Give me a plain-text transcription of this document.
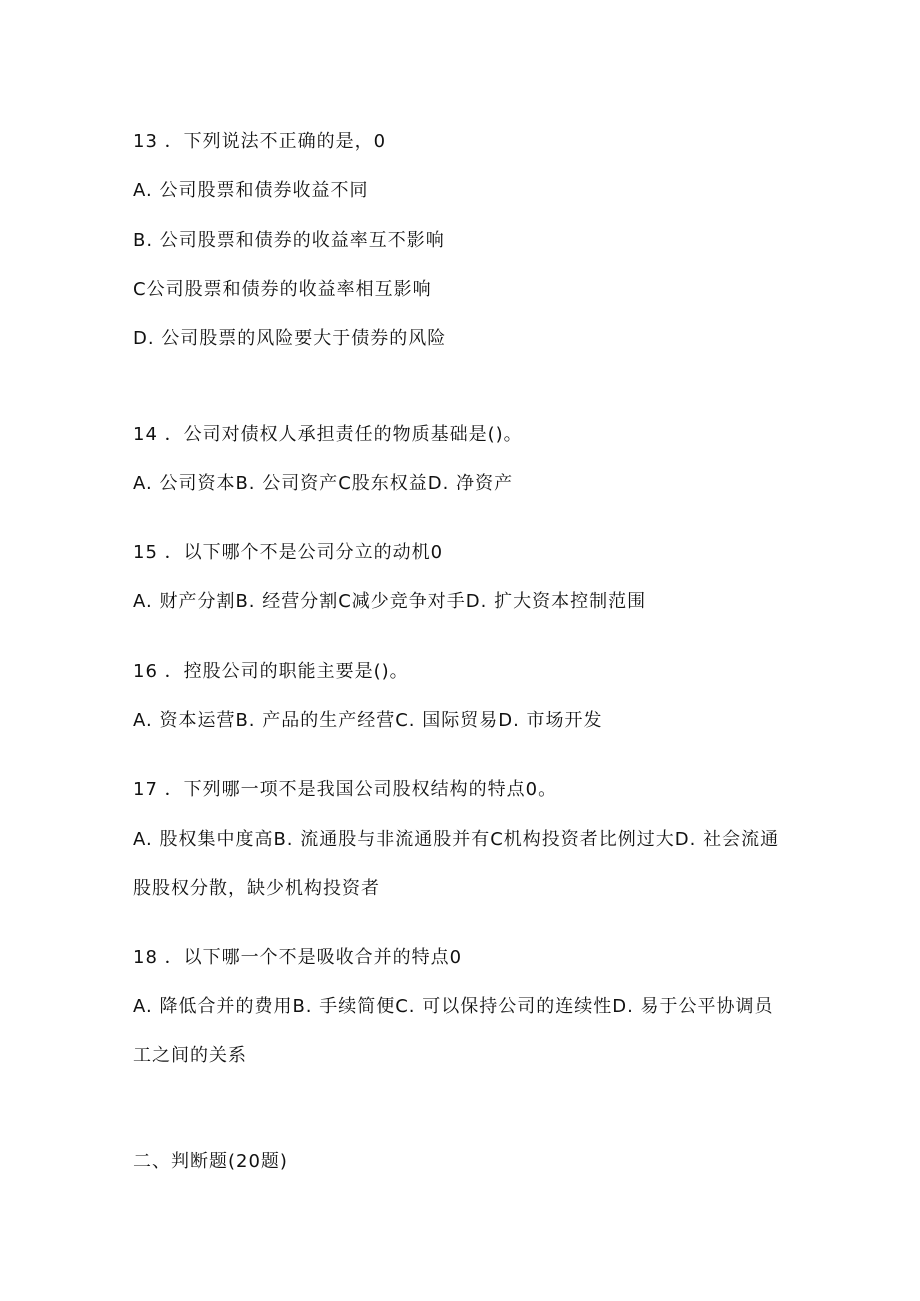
13 ．下列说法不正确的是，0
A. 公司股票和债券收益不同
B. 公司股票和债券的收益率互不影响
C公司股票和债券的收益率相互影响
D. 公司股票的风险要大于债券的风险
14 ．公司对债权人承担责任的物质基础是()。
A. 公司资本B. 公司资产C股东权益D. 净资产
15 ．以下哪个不是公司分立的动机0
A. 财产分割B. 经营分割C减少竞争对手D. 扩大资本控制范围
16 ．控股公司的职能主要是()。
A. 资本运营B. 产品的生产经营C. 国际贸易D. 市场开发
17 ．下列哪一项不是我国公司股权结构的特点0。
A. 股权集中度高B. 流通股与非流通股并有C机构投资者比例过大D. 社会流通
股股权分散，缺少机构投资者
18 ．以下哪一个不是吸收合并的特点0
A. 降低合并的费用B. 手续简便C. 可以保持公司的连续性D. 易于公平协调员
工之间的关系
二、判断题(20题)
